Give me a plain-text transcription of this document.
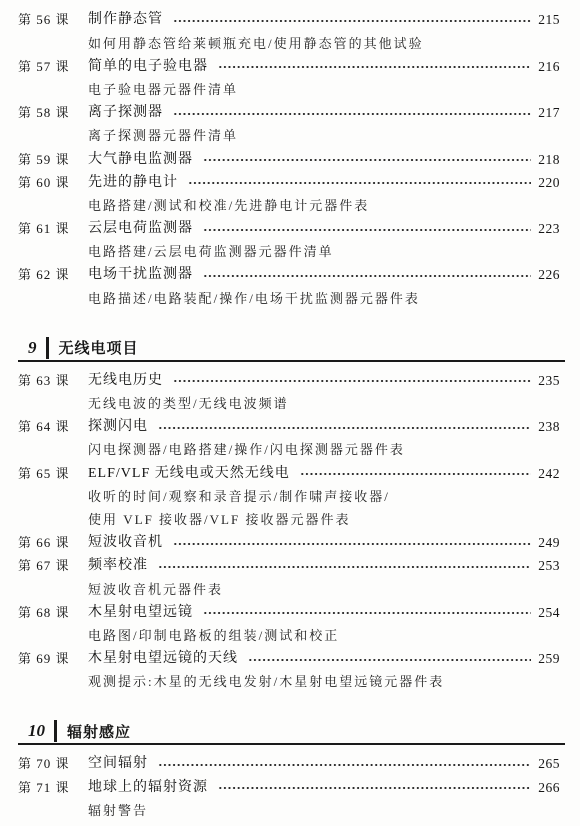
第 56 课	制作静态管	215
如何用静态管给莱顿瓶充电/使用静态管的其他试验
第 57 课	简单的电子验电器	216
电子验电器元器件清单
第 58 课	离子探测器	217
离子探测器元器件清单
第 59 课	大气静电监测器	218
第 60 课	先进的静电计	220
电路搭建/测试和校准/先进静电计元器件表
第 61 课	云层电荷监测器	223
电路搭建/云层电荷监测器元器件清单
第 62 课	电场干扰监测器	226
电路描述/电路装配/操作/电场干扰监测器元器件表
9	无线电项目
第 63 课	无线电历史	235
无线电波的类型/无线电波频谱
第 64 课	探测闪电	238
闪电探测器/电路搭建/操作/闪电探测器元器件表
第 65 课	ELF/VLF 无线电或天然无线电	242
收听的时间/观察和录音提示/制作啸声接收器/
使用 VLF 接收器/VLF 接收器元器件表
第 66 课	短波收音机	249
第 67 课	频率校准	253
短波收音机元器件表
第 68 课	木星射电望远镜	254
电路图/印制电路板的组装/测试和校正
第 69 课	木星射电望远镜的天线	259
观测提示:木星的无线电发射/木星射电望远镜元器件表
10	辐射感应
第 70 课	空间辐射	265
第 71 课	地球上的辐射资源	266
辐射警告
